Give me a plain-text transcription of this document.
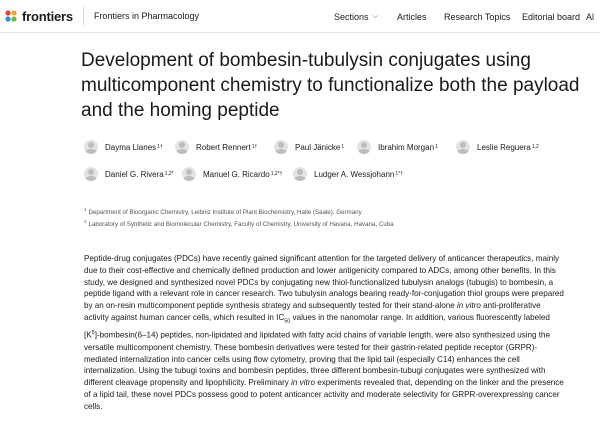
frontiers Frontiers in Pharmacology	Sections ⌵ Articles Research Topics Editorial board Al
Development of bombesin-tubulysin conjugates using multicomponent chemistry to functionalize both the payload and the homing peptide
Dayma Llanes 1†	Robert Rennert 1†	Paul Jänicke 1	Ibrahim Morgan 1	Leslie Reguera 1,2
Daniel G. Rivera 1,2*	Manuel G. Ricardo 1,2*†	Ludger A. Wessjohann 1*†
$^1$ Department of Bioorganic Chemistry, Leibniz Institute of Plant Biochemistry, Halle (Saale), Germany
$^2$ Laboratory of Synthetic and Biomolecular Chemistry, Faculty of Chemistry, University of Havana, Havana, Cuba

Peptide-drug conjugates (PDCs) have recently gained significant attention for the targeted delivery of anticancer therapeutics, mainly due to their cost-effective and chemically defined production and lower antigenicity compared to ADCs, among other benefits. In this study, we designed and synthesized novel PDCs by conjugating new thiol-functionalized tubulysin analogs (tubugis) to bombesin, a peptide ligand with a relevant role in cancer research. Two tubulysin analogs bearing ready-for-conjugation thiol groups were prepared by an on-resin multicomponent peptide synthesis strategy and subsequently tested for their stand-alone in vitro anti-proliferative activity against human cancer cells, which resulted in $IC_{50}$ values in the nanomolar range. In addition, various fluorescently labeled $[K^5]-bombesin(6-14)$ peptides, non-lipidated and lipidated with fatty acid chains of variable length, were also synthesized using the versatile multicomponent chemistry. These bombesin derivatives were tested for their gastrin-related peptide receptor (GRPR)-mediated internalization into cancer cells using flow cytometry, proving that the lipid tail (especially C14) enhances the cell internalization. Using the tubugi toxins and bombesin peptides, three different bombesin-tubugi conjugates were synthesized with different cleavage propensity and lipophilicity. Preliminary in vitro experiments revealed that, depending on the linker and the presence of a lipid tail, these novel PDCs possess good to potent anticancer activity and moderate selectivity for GRPR-overexpressing cancer cells.
